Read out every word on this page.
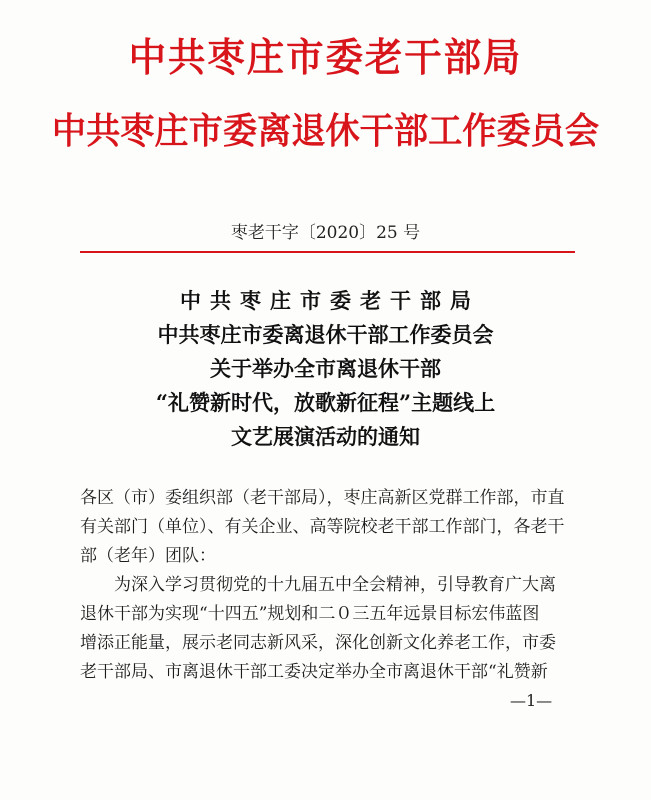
中共枣庄市委老干部局
中共枣庄市委离退休干部工作委员会
枣老干字〔2020〕25 号
中共枣庄市委老干部局
中共枣庄市委离退休干部工作委员会
关于举办全市离退休干部
“礼赞新时代，放歌新征程”主题线上
文艺展演活动的通知

各区（市）委组织部（老干部局），枣庄高新区党群工作部，市直
有关部门（单位）、有关企业、高等院校老干部工作部门，各老干
部（老年）团队：

为深入学习贯彻党的十九届五中全会精神，引导教育广大离
退休干部为实现“十四五”规划和二０三五年远景目标宏伟蓝图
增添正能量，展示老同志新风采，深化创新文化养老工作，市委
老干部局、市离退休干部工委决定举办全市离退休干部“礼赞新

—1—
